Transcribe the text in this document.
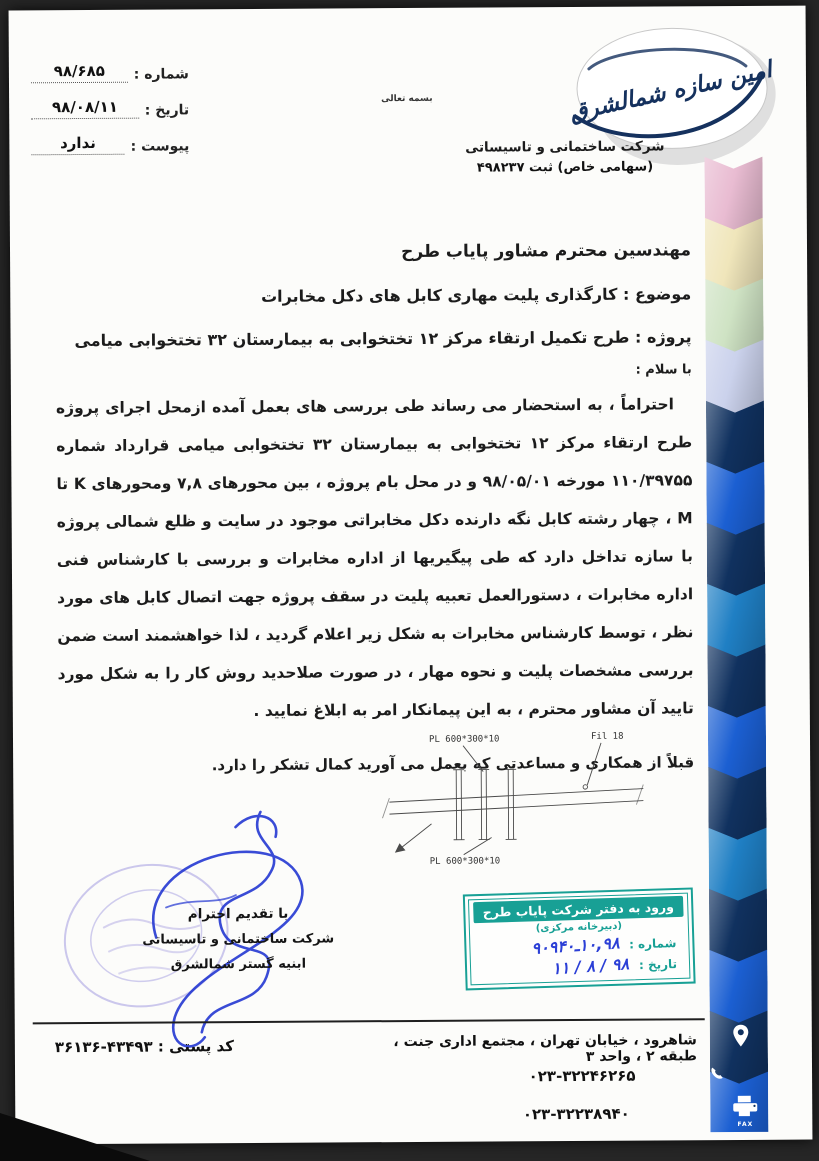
شماره :
۹۸/۶۸۵
تاریخ :
۹۸/۰۸/۱۱
پیوست :
ندارد
بسمه تعالی	امین سازه شمالشرق
شرکت ساختمانی و تاسیساتی
(سهامی خاص) ثبت ۴۹۸۲۳۷
مهندسین محترم مشاور پایاب طرح
موضوع : کارگذاری پلیت مهاری کابل های دکل مخابرات
پروژه : طرح تکمیل ارتقاء مرکز ۱۲ تختخوابی به بیمارستان ۳۲ تختخوابی میامی
با سلام :
احتراماً ، به استحضار می رساند طی بررسی های بعمل آمده ازمحل اجرای پروژه طرح ارتقاء مرکز ۱۲ تختخوابی به بیمارستان ۳۲ تختخوابی میامی قرارداد شماره ۱۱۰/۳۹۷۵۵ مورخه ۹۸/۰۵/۰۱ و در محل بام پروژه ، بین محورهای ۷,۸ ومحورهای K تا M ، چهار رشته کابل نگه دارنده دکل مخابراتی موجود در سایت و ظلع شمالی پروژه با سازه تداخل دارد که طی پیگیریها از اداره مخابرات و بررسی با کارشناس فنی اداره مخابرات ، دستورالعمل تعبیه پلیت در سقف پروژه جهت اتصال کابل های مورد نظر ، توسط کارشناس مخابرات به شکل زیر اعلام گردید ، لذا خواهشمند است ضمن بررسی مشخصات پلیت و نحوه مهار ، در صورت صلاحدید روش کار را به شکل مورد تایید آن مشاور محترم ، به این پیمانکار امر به ابلاغ نمایید .
قبلاً از همکاری و مساعدتی که بعمل می آورید کمال تشکر را دارد.
PL 600*300*10	Fil 18
PL 600*300*10
با تقدیم احترام
شرکت ساختمانی و تاسیساتی
ابنیه گستر شمالشرق
ورود به دفتر شرکت پایاب طرح
(دبیرخانه مرکزی)
شماره :
۱۰,۹۸ـ۹۰۹۴۰
تاریخ :
۹۸ / ۸ / ۱۱
کد پستی : ۳۶۱۳۶-۴۳۴۹۳	شاهرود ، خیابان تهران ، مجتمع اداری جنت ، طبقه ۲ ، واحد ۳
۰۲۳-۳۲۲۴۶۲۶۵
۰۲۳-۳۲۲۳۸۹۴۰
FAX
